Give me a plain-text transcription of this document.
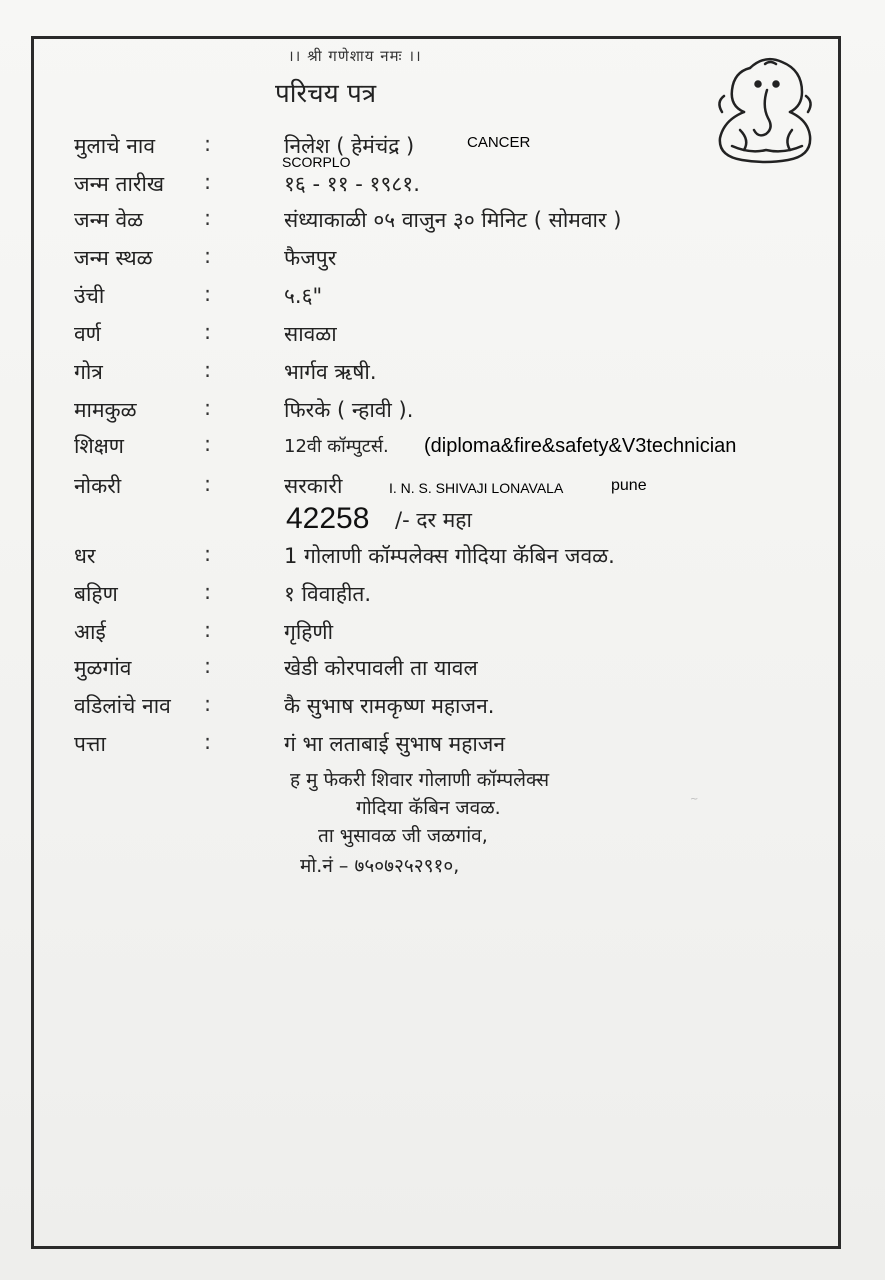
।। श्री गणेशाय नमः ।।
परिचय पत्र
मुलाचे नाव :	निलेश ( हेमंचंद्र )	CANCER
SCORPLO
जन्म तारीख :	१६ - ११ - १९८१.
जन्म वेळ	:	संध्याकाळी ०५ वाजुन ३० मिनिट ( सोमवार )
जन्म स्थळ :	फैजपुर
उंची	:	५.६"
वर्ण	:	सावळा
गोत्र	:	भार्गव ऋषी.
मामकुळ	:	फिरके ( न्हावी ).
शिक्षण	:	12वी कॉम्पुटर्स. (diploma&fire&safety&V3technician
नोकरी	:	सरकारी	I. N. S. SHIVAJI LONAVALA	pune
42258 /- दर महा
धर	:	1 गोलाणी कॉम्पलेक्स गोदिया कॅबिन जवळ.
बहिण	:	१ विवाहीत.
आई	:	गृहिणी
मुळगांव	:	खेडी कोरपावली ता यावल
वडिलांचे नाव :	कै सुभाष रामकृष्ण महाजन.
पत्ता	:	गं भा लताबाई सुभाष महाजन
ह मु फेकरी शिवार गोलाणी कॉम्पलेक्स
गोदिया कॅबिन जवळ.
ता भुसावळ जी जळगांव,
मो.नं – ७५०७२५२९१०,
~
